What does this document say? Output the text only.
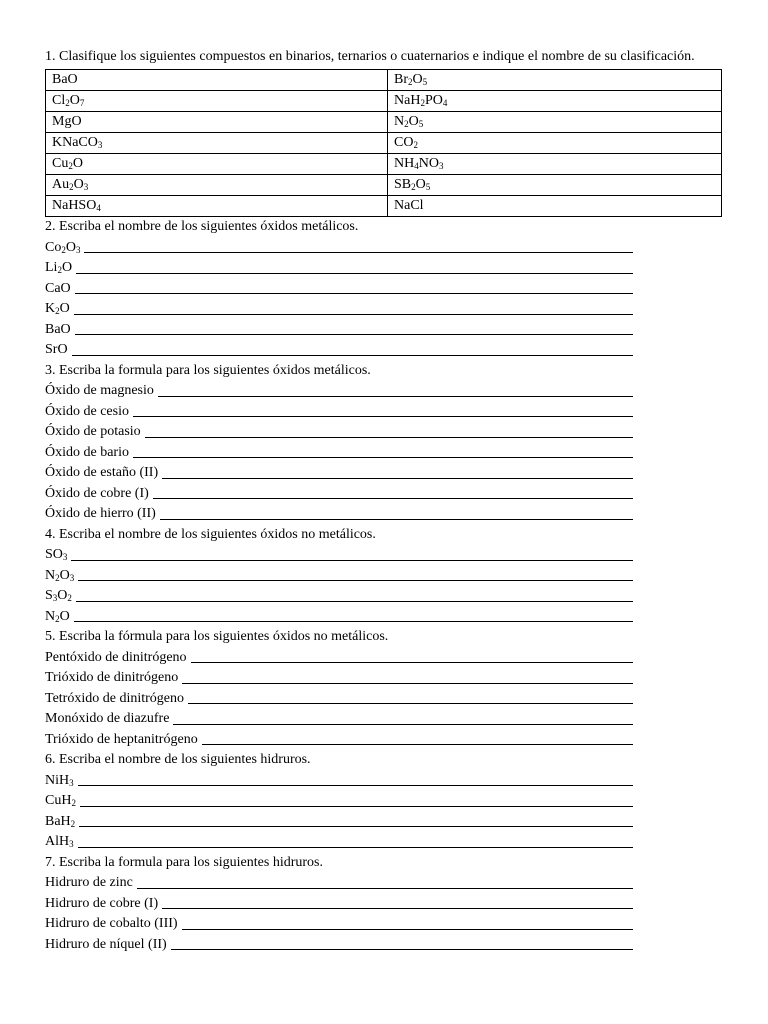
1. Clasifique los siguientes compuestos en binarios, ternarios o cuaternarios e indique el nombre de su clasificación.

BaO	$Br_2O_5$
$Cl_2O_7$	$NaH_2PO_4$
MgO	$N_2O_5$
KNaCO$_3$	$CO_2$
$Cu_2O$	$NH_4NO_3$
$Au_2O_3$	$SB_2O_5$
NaHSO$_4$	NaCl

2. Escriba el nombre de los siguientes óxidos metálicos.

$Co_2O_3$
$Li_2O$
CaO
$K_2O$
BaO
SrO

3. Escriba la formula para los siguientes óxidos metálicos.

Óxido de magnesio
Óxido de cesio
Óxido de potasio
Óxido de bario
Óxido de estaño (II)
Óxido de cobre (I)
Óxido de hierro (II)

4. Escriba el nombre de los siguientes óxidos no metálicos.

$SO_3$
$N_2O_3$
$S_3O_2$
$N_2O$

5. Escriba la fórmula para los siguientes óxidos no metálicos.

Pentóxido de dinitrógeno
Trióxido de dinitrógeno
Tetróxido de dinitrógeno
Monóxido de diazufre
Trióxido de heptanitrógeno

6. Escriba el nombre de los siguientes hidruros.

NiH$_3$
CuH$_2$
BaH$_2$
AlH$_3$

7. Escriba la formula para los siguientes hidruros.

Hidruro de zinc
Hidruro de cobre (I)
Hidruro de cobalto (III)
Hidruro de níquel (II)
